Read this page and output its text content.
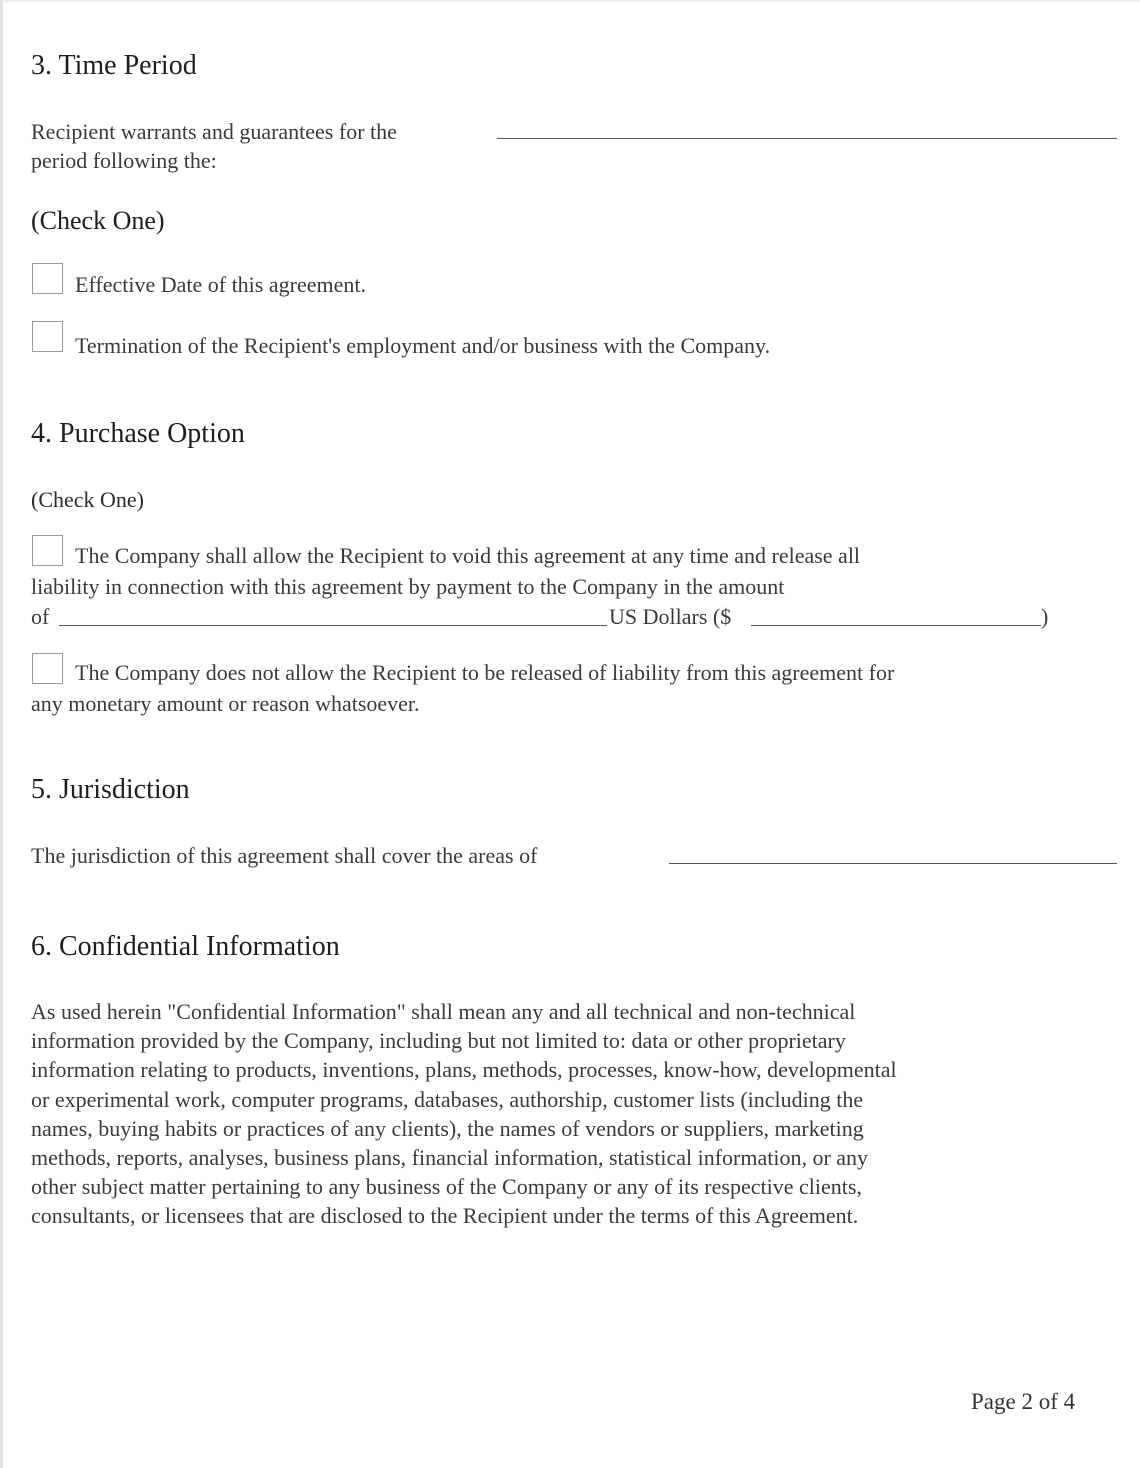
3. Time Period
Recipient warrants and guarantees for the
period following the:
(Check One)
Effective Date of this agreement.
Termination of the Recipient's employment and/or business with the Company.
4. Purchase Option
(Check One)
The Company shall allow the Recipient to void this agreement at any time and release all
liability in connection with this agreement by payment to the Company in the amount
of	US Dollars ($	)
The Company does not allow the Recipient to be released of liability from this agreement for
any monetary amount or reason whatsoever.
5. Jurisdiction
The jurisdiction of this agreement shall cover the areas of
6. Confidential Information
As used herein "Confidential Information" shall mean any and all technical and non-technical
information provided by the Company, including but not limited to: data or other proprietary
information relating to products, inventions, plans, methods, processes, know-how, developmental
or experimental work, computer programs, databases, authorship, customer lists (including the
names, buying habits or practices of any clients), the names of vendors or suppliers, marketing
methods, reports, analyses, business plans, financial information, statistical information, or any
other subject matter pertaining to any business of the Company or any of its respective clients,
consultants, or licensees that are disclosed to the Recipient under the terms of this Agreement.
Page 2 of 4
